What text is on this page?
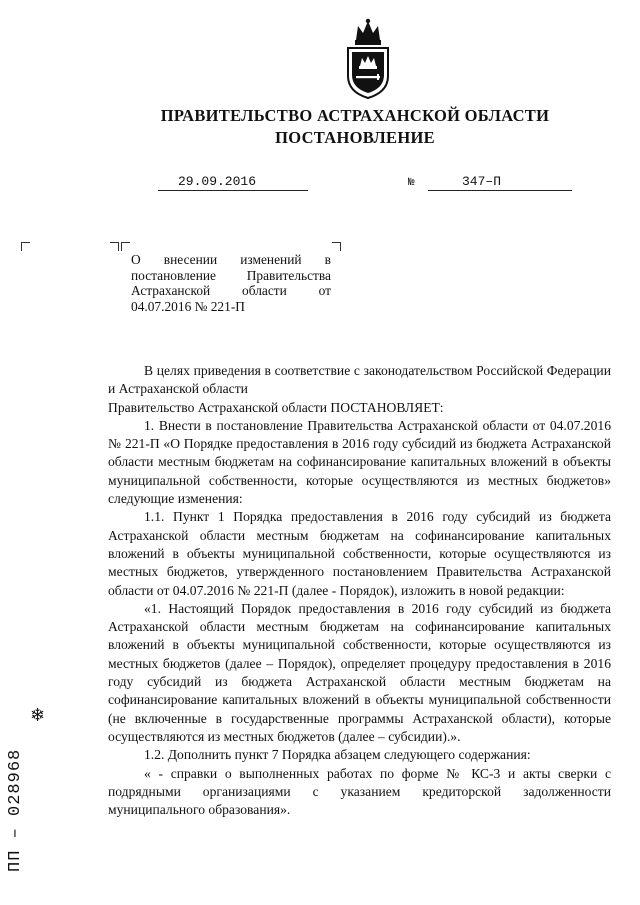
ПРАВИТЕЛЬСТВО АСТРАХАНСКОЙ ОБЛАСТИ
ПОСТАНОВЛЕНИЕ
29.09.2016	№	347–П
О внесении изменений в постановление Правительства Астраханской области от 04.07.2016 № 221-П

В целях приведения в соответствие с законодательством Российской Федерации и Астраханской области

Правительство Астраханской области ПОСТАНОВЛЯЕТ:

1. Внести в постановление Правительства Астраханской области от 04.07.2016 № 221-П «О Порядке предоставления в 2016 году субсидий из бюджета Астраханской области местным бюджетам на софинансирование капитальных вложений в объекты муниципальной собственности, которые осуществляются из местных бюджетов» следующие изменения:

1.1. Пункт 1 Порядка предоставления в 2016 году субсидий из бюджета Астраханской области местным бюджетам на софинансирование капитальных вложений в объекты муниципальной собственности, которые осуществляются из местных бюджетов, утвержденного постановлением Правительства Астраханской области от 04.07.2016 № 221-П (далее - Порядок), изложить в новой редакции:

«1. Настоящий Порядок предоставления в 2016 году субсидий из бюджета Астраханской области местным бюджетам на софинансирование капитальных вложений в объекты муниципальной собственности, которые осуществляются из местных бюджетов (далее – Порядок), определяет процедуру предоставления в 2016 году субсидий из бюджета Астраханской области местным бюджетам на софинансирование капитальных вложений в объекты муниципальной собственности (не включенные в государственные программы Астраханской области), которые осуществляются из местных бюджетов (далее – субсидии).».

1.2. Дополнить пункт 7 Порядка абзацем следующего содержания:

« - справки о выполненных работах по форме № КС-3 и акты сверки с подрядными организациями с указанием кредиторской задолженности муниципального образования».

❄
ПП – 028968
